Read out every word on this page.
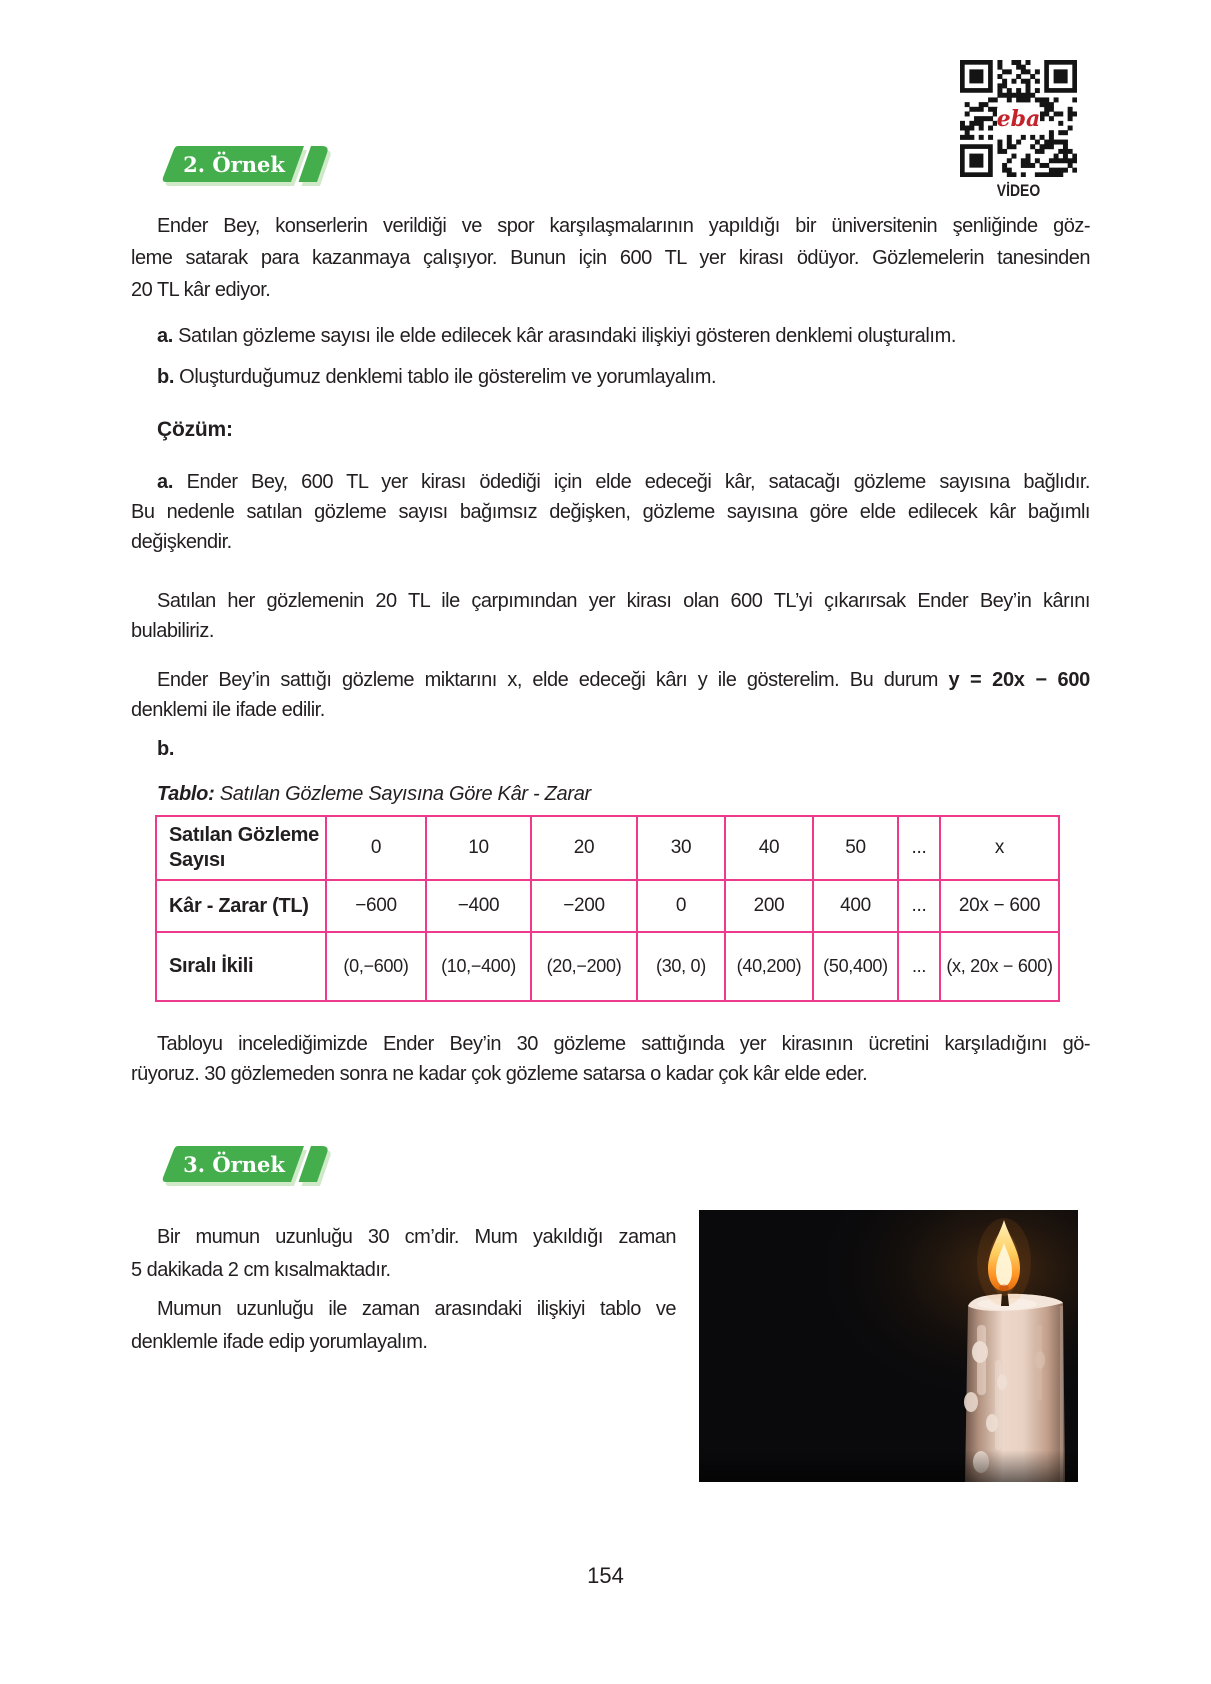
eba
VİDEO
2. Örnek
Ender Bey, konserlerin verildiği ve spor karşılaşmalarının yapıldığı bir üniversitenin şenliğinde göz-
leme satarak para kazanmaya çalışıyor. Bunun için 600 TL yer kirası ödüyor. Gözlemelerin tanesinden
20 TL kâr ediyor.
a. Satılan gözleme sayısı ile elde edilecek kâr arasındaki ilişkiyi gösteren denklemi oluşturalım.
b. Oluşturduğumuz denklemi tablo ile gösterelim ve yorumlayalım.
Çözüm:
a. Ender Bey, 600 TL yer kirası ödediği için elde edeceği kâr, satacağı gözleme sayısına bağlıdır.
Bu nedenle satılan gözleme sayısı bağımsız değişken, gözleme sayısına göre elde edilecek kâr bağımlı
değişkendir.
Satılan her gözlemenin 20 TL ile çarpımından yer kirası olan 600 TL’yi çıkarırsak Ender Bey’in kârını
bulabiliriz.
Ender Bey’in sattığı gözleme miktarını x, elde edeceği kârı y ile gösterelim. Bu durum y = 20x − 600
denklemi ile ifade edilir.
b.
Tablo: Satılan Gözleme Sayısına Göre Kâr - Zarar
Satılan Gözleme Sayısı	0	10	20	30	40	50	...	x
Kâr - Zarar (TL)	−600	−400	−200	0	200	400	...	20x − 600
Sıralı İkili	(0,−600)	(10,−400)	(20,−200)	(30, 0)	(40,200)	(50,400)	...	(x, 20x − 600)
Tabloyu incelediğimizde Ender Bey’in 30 gözleme sattığında yer kirasının ücretini karşıladığını gö-
rüyoruz. 30 gözlemeden sonra ne kadar çok gözleme satarsa o kadar çok kâr elde eder.
3. Örnek
Bir mumun uzunluğu 30 cm’dir. Mum yakıldığı zaman
5 dakikada 2 cm kısalmaktadır.
Mumun uzunluğu ile zaman arasındaki ilişkiyi tablo ve
denklemle ifade edip yorumlayalım.
154
